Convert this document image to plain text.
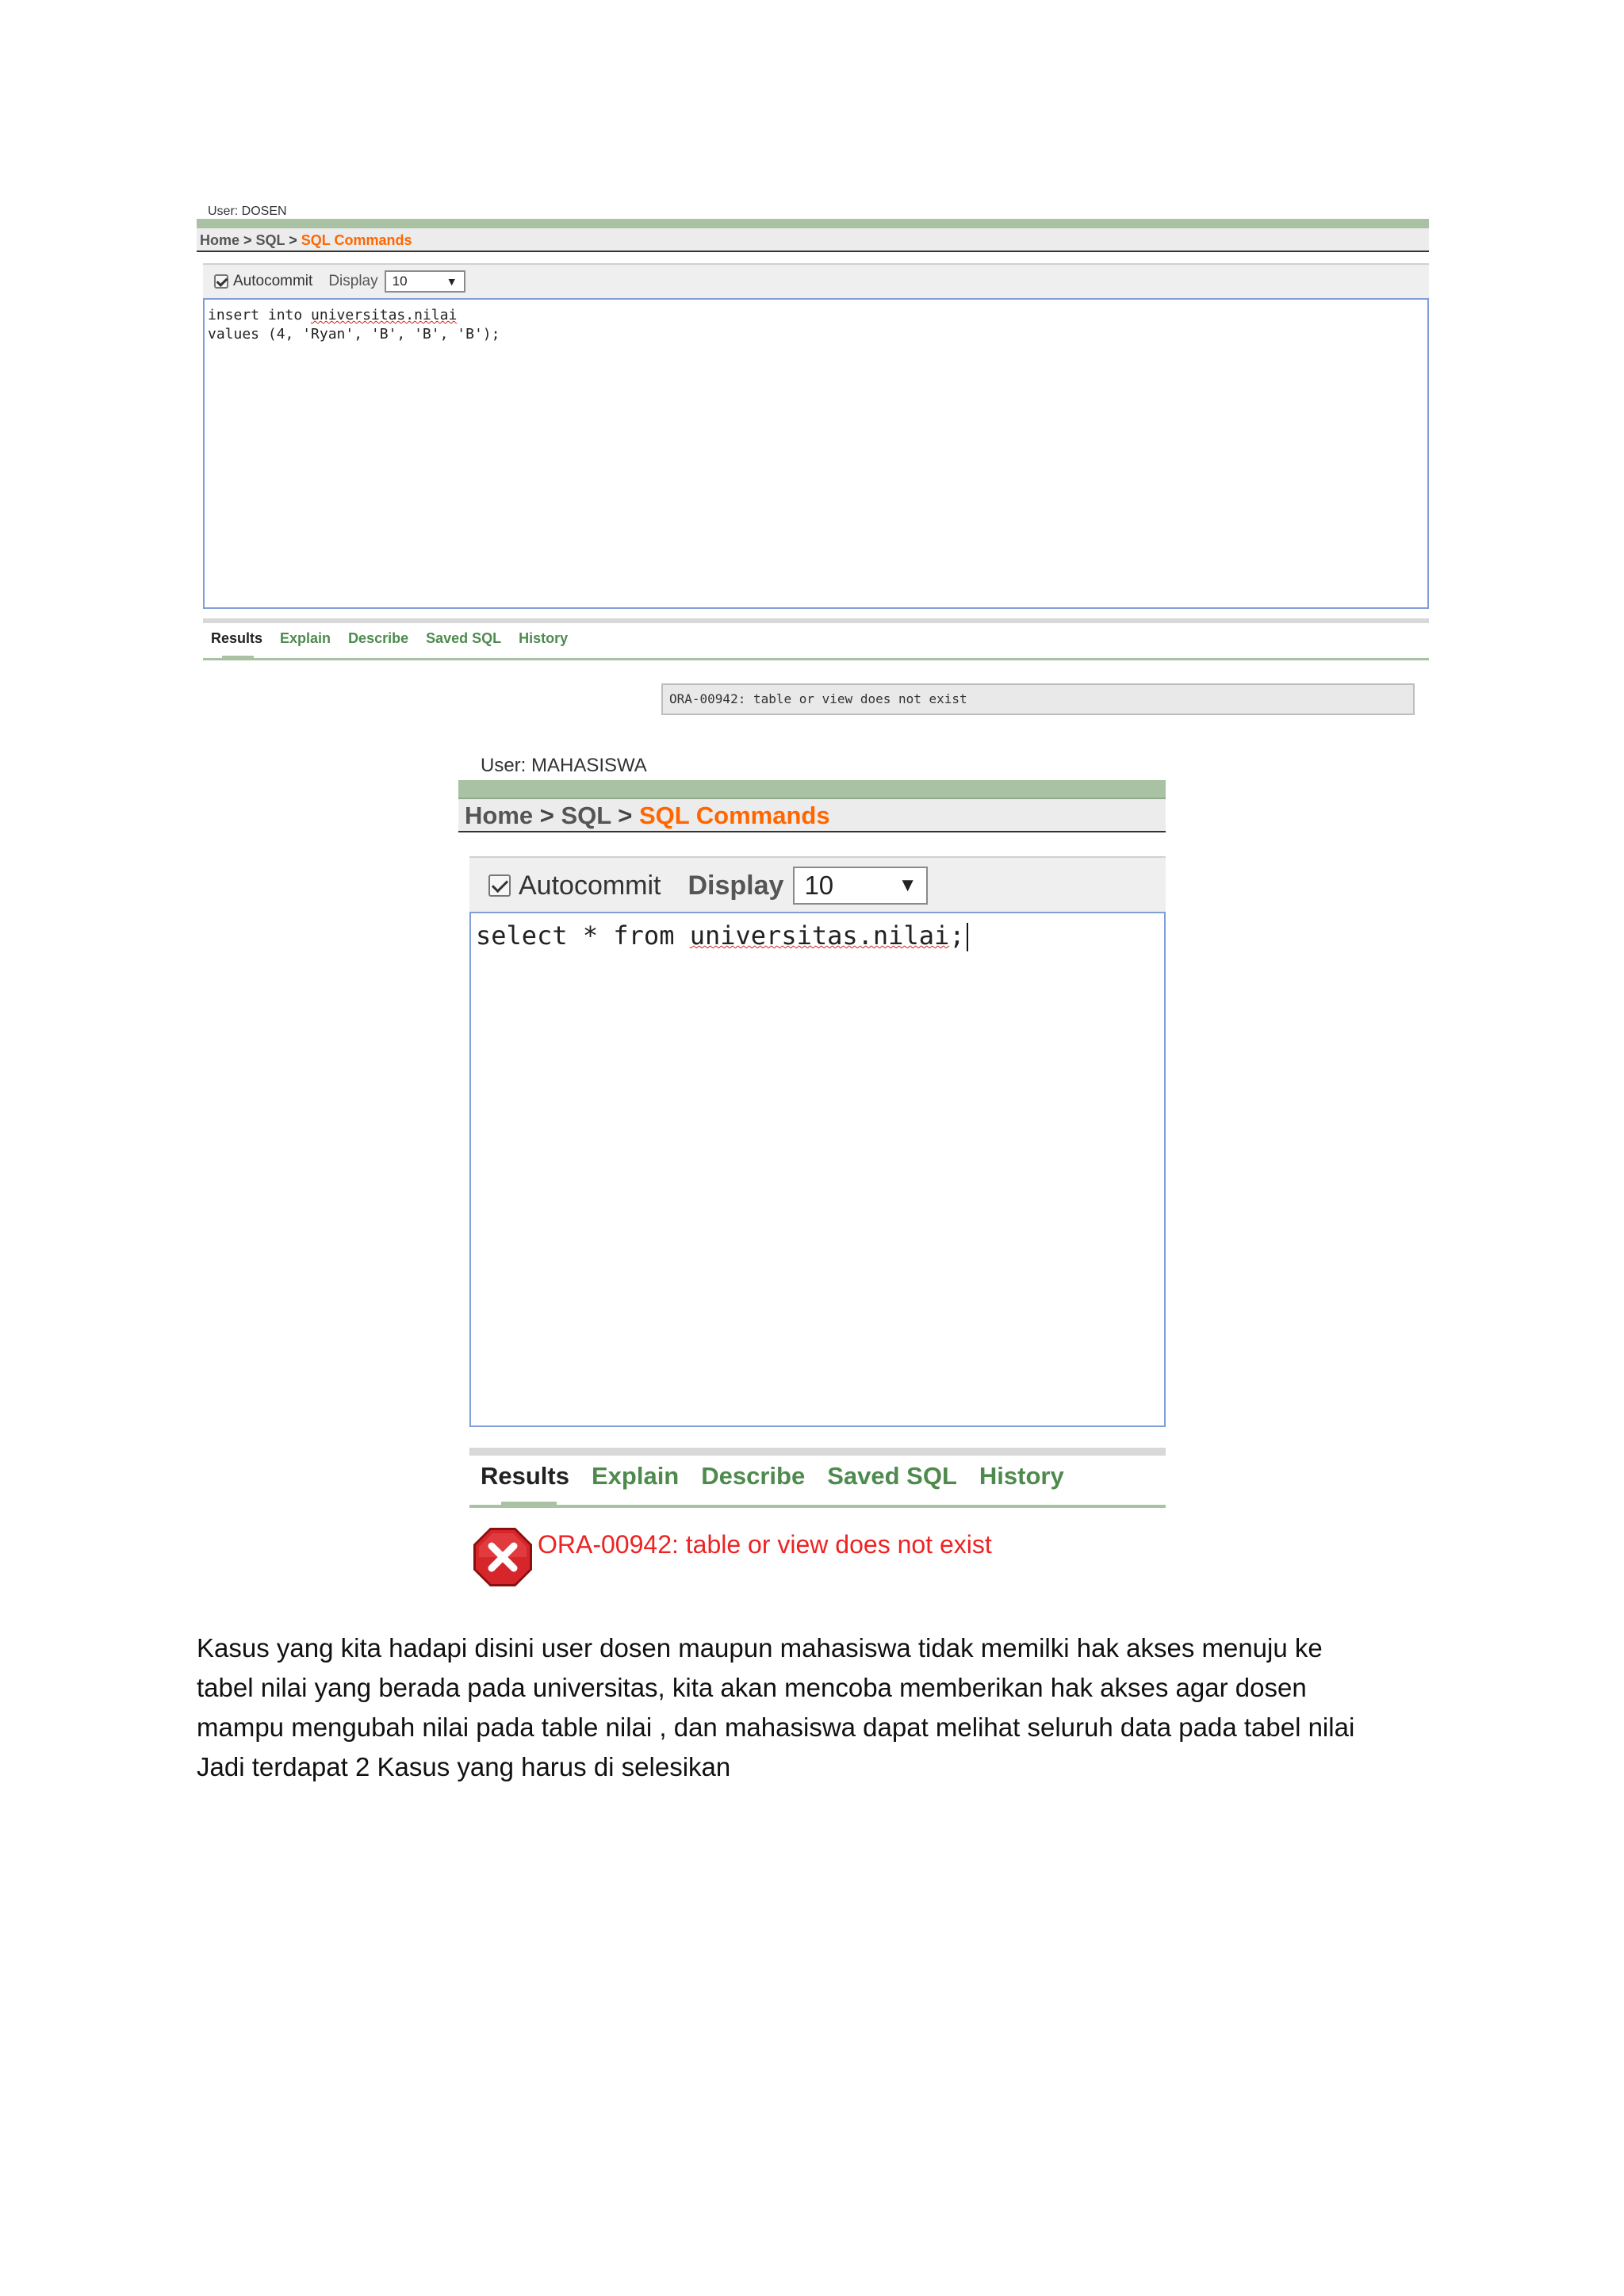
User: DOSEN
Home > SQL > SQL Commands
Autocommit Display 10	▼
insert into universitas.nilai
values (4, 'Ryan', 'B', 'B', 'B');
Results Explain Describe Saved SQL History
ORA-00942: table or view does not exist
User: MAHASISWA
Home > SQL > SQL Commands
Autocommit Display 10	▼
select * from universitas.nilai;
Results Explain Describe Saved SQL History
ORA-00942: table or view does not exist

Kasus yang kita hadapi disini user dosen maupun mahasiswa tidak memilki hak akses menuju ke

tabel nilai yang berada pada universitas, kita akan mencoba memberikan hak akses agar dosen

mampu mengubah nilai pada table nilai , dan mahasiswa dapat melihat seluruh data pada tabel nilai

Jadi terdapat 2 Kasus yang harus di selesikan
